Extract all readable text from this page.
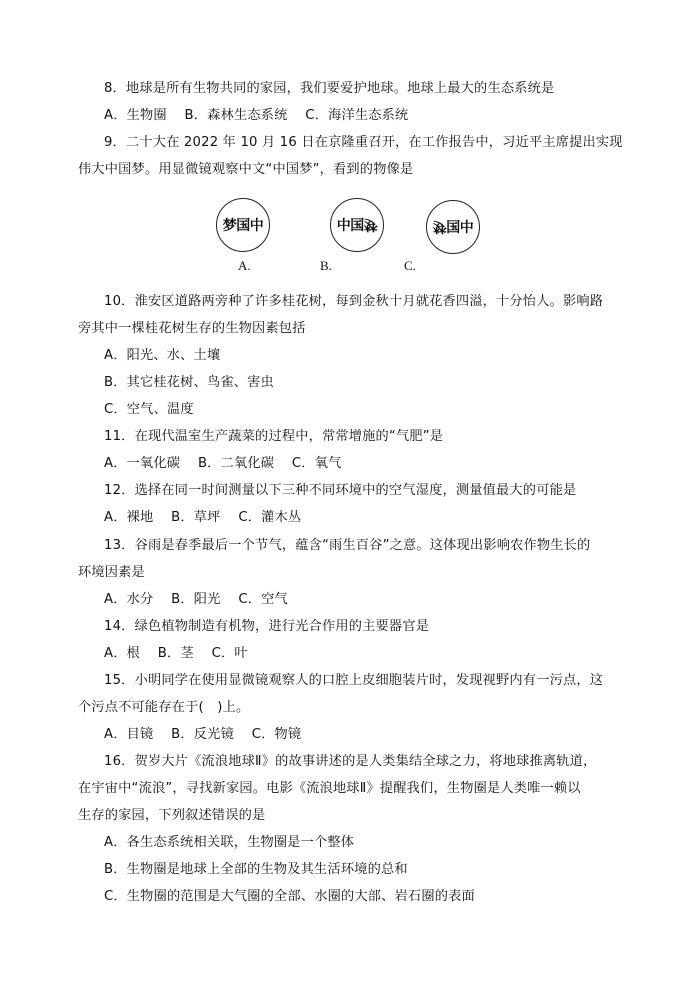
8．地球是所有生物共同的家园，我们要爱护地球。地球上最大的生态系统是
A．生物圈　 B．森林生态系统　 C．海洋生态系统
9．二十大在 2022 年 10 月 16 日在京隆重召开，在工作报告中，习近平主席提出实现
伟大中国梦。用显微镜观察中文“中国梦”，看到的物像是
梦国中	中国 梦	梦 国中
A.	B.	C.
10．淮安区道路两旁种了许多桂花树，每到金秋十月就花香四溢，十分怡人。影响路
旁其中一棵桂花树生存的生物因素包括
A．阳光、水、土壤
B．其它桂花树、鸟雀、害虫
C．空气、温度
11．在现代温室生产蔬菜的过程中，常常增施的“气肥”是
A．一氧化碳　 B．二氧化碳　 C．氧气
12．选择在同一时间测量以下三种不同环境中的空气湿度，测量值最大的可能是
A．裸地　 B．草坪　 C．灌木丛
13．谷雨是春季最后一个节气，蕴含“雨生百谷”之意。这体现出影响农作物生长的
环境因素是
A．水分　 B．阳光　 C．空气
14．绿色植物制造有机物，进行光合作用的主要器官是
A．根　 B．茎　 C．叶
15．小明同学在使用显微镜观察人的口腔上皮细胞装片时，发现视野内有一污点，这
个污点不可能存在于(　)上。
A．目镜　 B．反光镜　 C．物镜
16．贺岁大片《流浪地球Ⅱ》的故事讲述的是人类集结全球之力，将地球推离轨道，
在宇宙中“流浪”，寻找新家园。电影《流浪地球Ⅱ》提醒我们，生物圈是人类唯一赖以
生存的家园，下列叙述错误的是
A．各生态系统相关联，生物圈是一个整体
B．生物圈是地球上全部的生物及其生活环境的总和
C．生物圈的范围是大气圈的全部、水圈的大部、岩石圈的表面
